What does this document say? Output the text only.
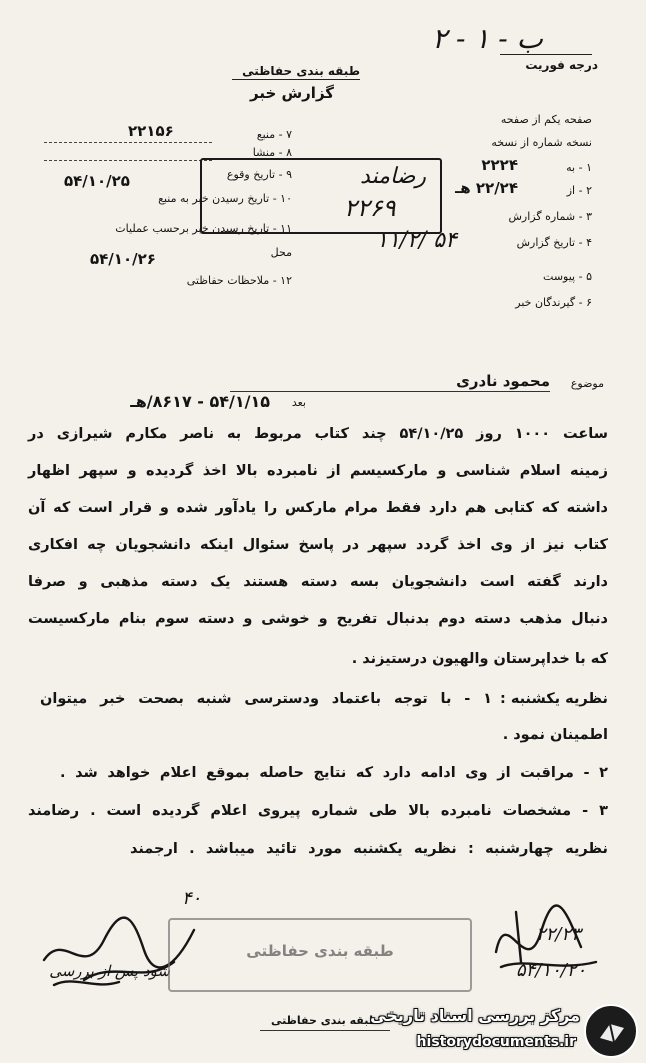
۲ - ب - ۱
درجه فوریت
طبقه بندی حفاظتی
گزارش خبر
صفحه یکم از صفحه
نسخه شماره از نسخه
۱ - به
۲۲۲۴
۲ - از
۲۲/۲۴ هـ
۳ - شماره گزارش
۴ - تاریخ گزارش
۱۱/۲/ ۵۴
۵ - پیوست
۶ - گیرندگان خبر
۷ - منبع
۲۲۱۵۶
۸ - منشا
۹ - تاریخ وقوع
۵۴/۱۰/۲۵
۱۰ - تاریخ رسیدن خبر به منبع
۱۱ - تاریخ رسیدن خبر برحسب عملیات
محل
۵۴/۱۰/۲۶
۱۲ - ملاحظات حفاظتی
رضامند
۲۲۶۹
موضوع
محمود نادری
بعد
۵۴/۱/۱۵ - ۸۶۱۷/هـ
ساعت ۱۰۰۰ روز ۵۴/۱۰/۲۵ چند کتاب مربوط به ناصر مکارم شیرازی در
زمینه اسلام شناسی و مارکسیسم از نامبرده بالا اخذ گردیده و سپهر اظهار
داشته که کتابی هم دارد فقط مرام مارکس را یادآور شده و قرار است که آن
کتاب نیز از وی اخذ گردد سپهر در پاسخ سئوال اینکه دانشجویان چه افکاری
دارند گفته است دانشجویان بسه دسته هستند یک دسته مذهبی و صرفا
دنبال مذهب دسته دوم بدنبال تفریح و خوشی و دسته سوم بنام مارکسیست
که با خداپرستان والهیون درستیزند .
نظریه یکشنبه :
۱ - با توجه باعتماد ودسترسی شنبه بصحت خبر میتوان
اطمینان نمود .
۲ - مراقبت از وی ادامه دارد که نتایج حاصله بموقع اعلام خواهد شد .
۳ - مشخصات نامبرده بالا طی شماره پیروی اعلام گردیده است . رضامند
نظریه چهارشنبه : نظریه یکشنبه مورد تائید میباشد . ارجمند
۴۰
شود پس از بررسی
طبقه بندی حفاظتی
۲۲/۲۳
۵۴/۱۰/۲۰
طبقه بندی حفاظتی
مرکز بررسی اسناد تاریخی
historydocuments.ir
